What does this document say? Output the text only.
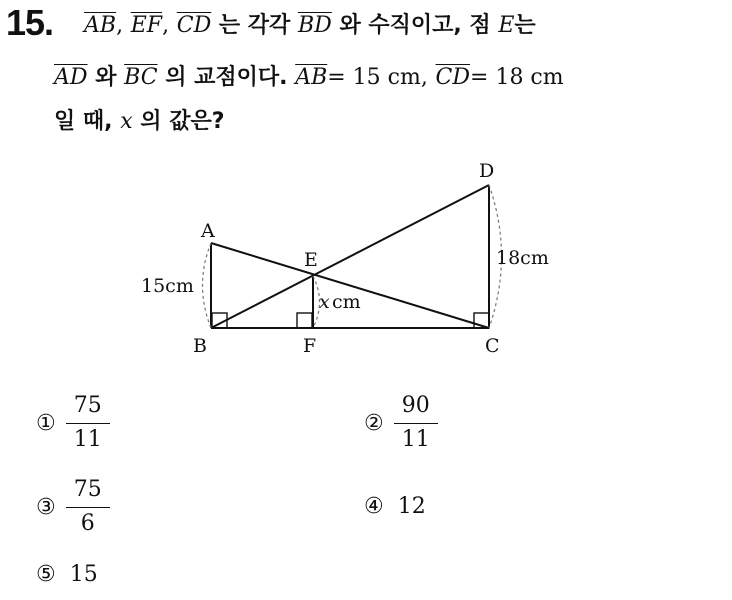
15. $\overline{AB}$, $\overline{EF}$, $\overline{CD}$ 는 각각 $\overline{BD}$ 와 수직이고, 점 E는
$\overline{AD}$ 와 $\overline{BC}$ 의 교점이다. $\overline{AB}= 15$ cm, $\overline{CD}= 18$ cm
일 때, x 의 값은?
A
B	C
D
E
F
15cm
18cm
x cm
① $\frac{75}{11}$	② $\frac{90}{11}$
③ $\frac{75}{6}$	④ 12
⑤ 15
